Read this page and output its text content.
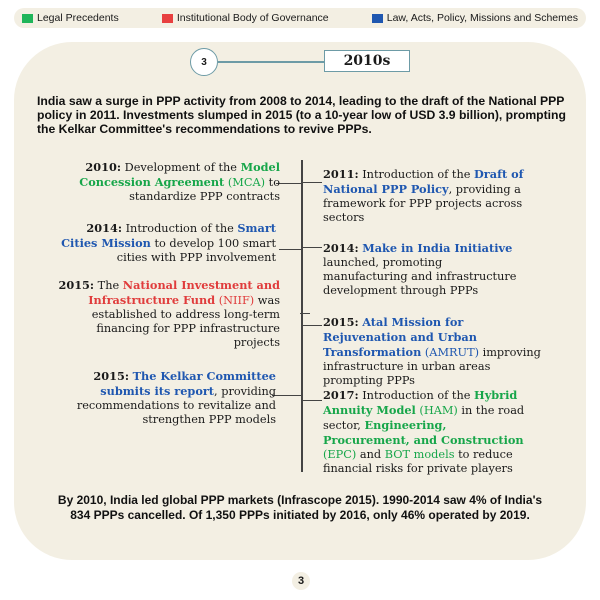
Legal Precedents	Institutional Body of Governance	Law, Acts, Policy, Missions and Schemes
3	2010s
India saw a surge in PPP activity from 2008 to 2014, leading to the draft of the National PPP policy in 2011. Investments slumped in 2015 (to a 10-year low of USD 3.9 billion), prompting the Kelkar Committee's recommendations to revive PPPs.
2010: Development of the Model Concession Agreement (MCA) to standardize PPP contracts
2014: Introduction of the Smart Cities Mission to develop 100 smart cities with PPP involvement
2015: The National Investment and Infrastructure Fund (NIIF) was established to address long-term financing for PPP infrastructure projects
2015: The Kelkar Committee submits its report, providing recommendations to revitalize and strengthen PPP models
2011: Introduction of the Draft of National PPP Policy, providing a framework for PPP projects across sectors
2014: Make in India Initiative launched, promoting manufacturing and infrastructure development through PPPs
2015: Atal Mission for Rejuvenation and Urban Transformation (AMRUT) improving infrastructure in urban areas prompting PPPs
2017: Introduction of the Hybrid Annuity Model (HAM) in the road sector, Engineering, Procurement, and Construction (EPC) and BOT models to reduce financial risks for private players
By 2010, India led global PPP markets (Infrascope 2015). 1990-2014 saw 4% of India's 834 PPPs cancelled. Of 1,350 PPPs initiated by 2016, only 46% operated by 2019.
3
